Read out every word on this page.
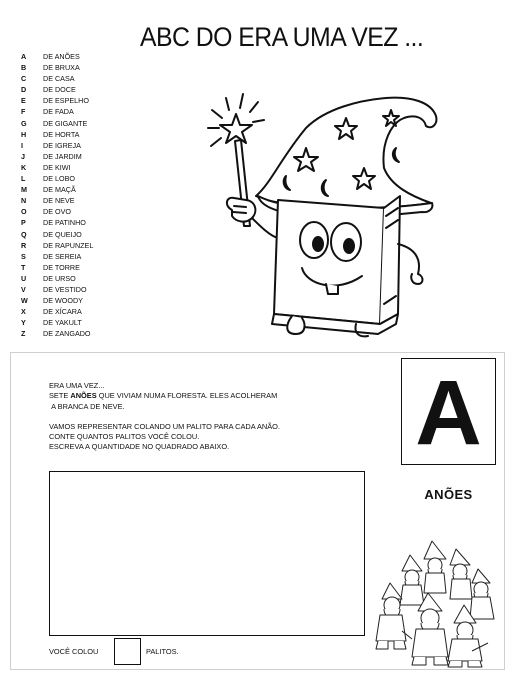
ABC DO ERA UMA VEZ ...
A DE ANÕES
B DE BRUXA
C DE CASA
D DE DOCE
E DE ESPELHO
F DE FADA
G DE GIGANTE
H DE HORTA
I	DE IGREJA
J	DE JARDIM
K DE KIWI
L DE LOBO
M DE MAÇÃ
N DE NEVE
O DE OVO
P DE PATINHO
Q DE QUEIJO
R DE RAPUNZEL
S DE SEREIA
T DE TORRE
U DE URSO
V DE VESTIDO
W DE WOODY
X DE XÍCARA
Y DE YAKULT
Z DE ZANGADO

ERA UMA VEZ...

SETE ANÕES QUE VIVIAM NUMA FLORESTA. ELES ACOLHERAM

A BRANCA DE NEVE.

VAMOS REPRESENTAR COLANDO UM PALITO PARA CADA ANÃO.

CONTE QUANTOS PALITOS VOCÊ COLOU.

ESCREVA A QUANTIDADE NO QUADRADO ABAIXO.	A
ANÕES
VOCÊ COLOU	PALITOS.
